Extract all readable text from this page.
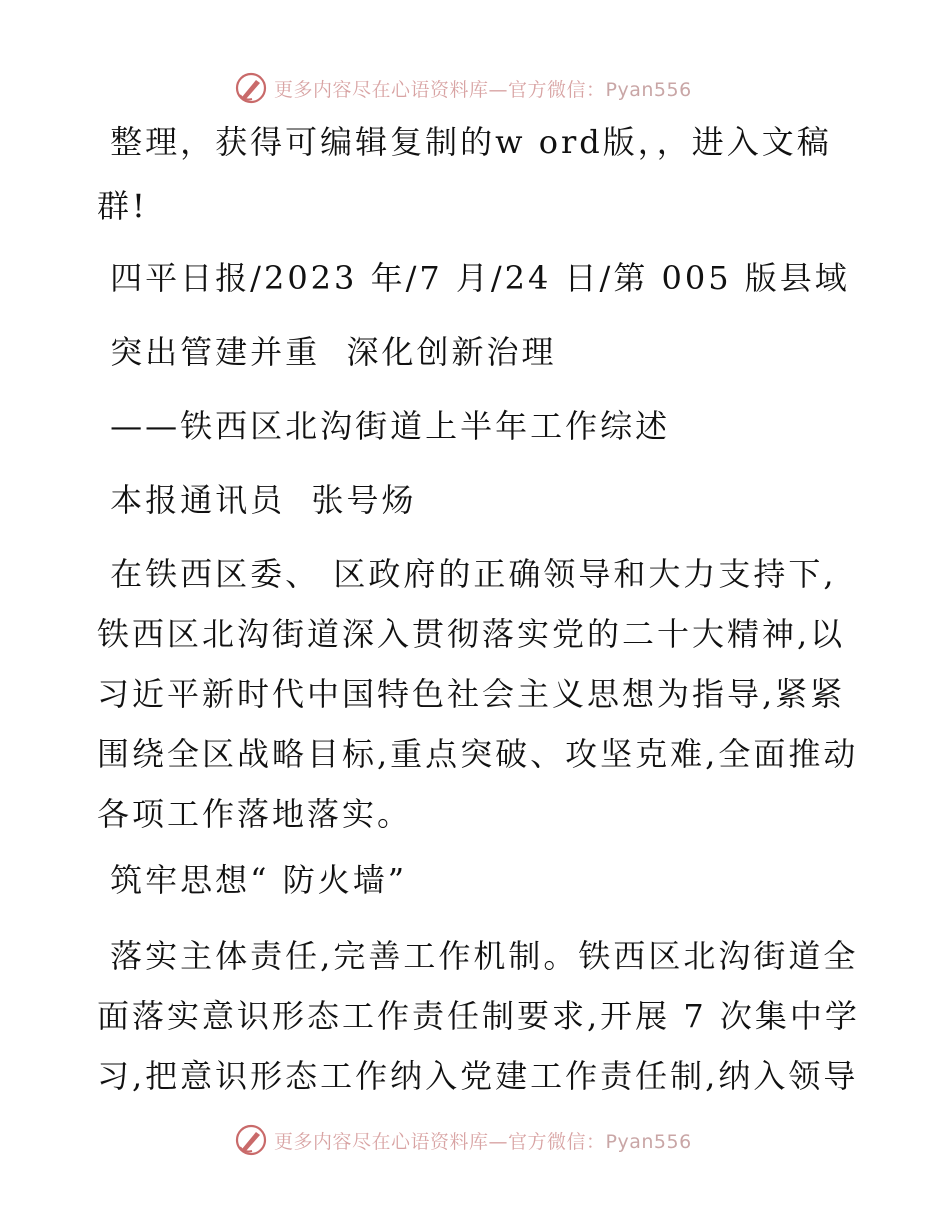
更多内容尽在心语资料库—官方微信：Pyan556
整理，获得可编辑复制的w ord版，，进入文稿
群!
四平日报/2023 年/7 月/24 日/第 005 版县域
突出管建并重  深化创新治理
——铁西区北沟街道上半年工作综述
本报通讯员  张号炀
在铁西区委、 区政府的正确领导和大力支持下,
铁西区北沟街道深入贯彻落实党的二十大精神,以
习近平新时代中国特色社会主义思想为指导,紧紧
围绕全区战略目标,重点突破、攻坚克难,全面推动
各项工作落地落实。
筑牢思想“ 防火墙”
落实主体责任,完善工作机制。铁西区北沟街道全
面落实意识形态工作责任制要求,开展 7 次集中学
习,把意识形态工作纳入党建工作责任制,纳入领导
更多内容尽在心语资料库—官方微信：Pyan556
